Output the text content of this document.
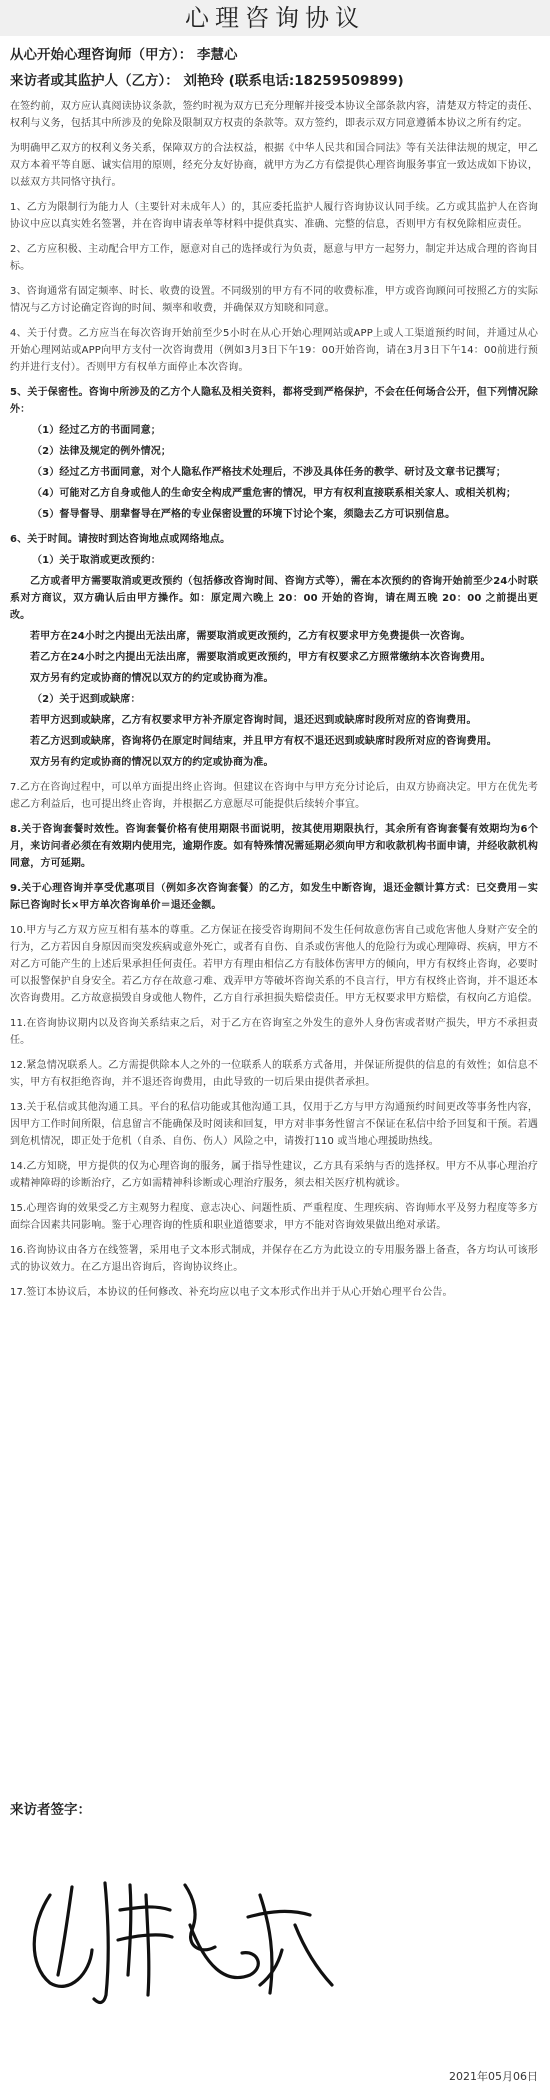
心理咨询协议
从心开始心理咨询师（甲方）： 李慧心
来访者或其监护人（乙方）： 刘艳玲 (联系电话:18259509899)

在签约前，双方应认真阅读协议条款，签约时视为双方已充分理解并接受本协议全部条款内容，清楚双方特定的责任、权利与义务，包括其中所涉及的免除及限制双方权责的条款等。双方签约，即表示双方同意遵循本协议之所有约定。

为明确甲乙双方的权利义务关系，保障双方的合法权益，根据《中华人民共和国合同法》等有关法律法规的规定，甲乙双方本着平等自愿、诚实信用的原则，经充分友好协商，就甲方为乙方有偿提供心理咨询服务事宜一致达成如下协议，以兹双方共同恪守执行。

1、乙方为限制行为能力人（主要针对未成年人）的，其应委托监护人履行咨询协议认同手续。乙方或其监护人在咨询协议中应以真实姓名签署，并在咨询申请表单等材料中提供真实、准确、完整的信息，否则甲方有权免除相应责任。

2、乙方应积极、主动配合甲方工作，愿意对自己的选择或行为负责，愿意与甲方一起努力，制定并达成合理的咨询目标。

3、咨询通常有固定频率、时长、收费的设置。不同级别的甲方有不同的收费标准，甲方或咨询顾问可按照乙方的实际情况与乙方讨论确定咨询的时间、频率和收费，并确保双方知晓和同意。

4、关于付费。乙方应当在每次咨询开始前至少5小时在从心开始心理网站或APP上或人工渠道预约时间，并通过从心开始心理网站或APP向甲方支付一次咨询费用（例如3月3日下午19：00开始咨询，请在3月3日下午14：00前进行预约并进行支付）。否则甲方有权单方面停止本次咨询。

5、关于保密性。咨询中所涉及的乙方个人隐私及相关资料，都将受到严格保护，不会在任何场合公开，但下列情况除外：

（1）经过乙方的书面同意；

（2）法律及规定的例外情况；

（3）经过乙方书面同意，对个人隐私作严格技术处理后，不涉及具体任务的教学、研讨及文章书记撰写；

（4）可能对乙方自身或他人的生命安全构成严重危害的情况，甲方有权利直接联系相关家人、或相关机构；

（5）督导督导、朋辈督导在严格的专业保密设置的环境下讨论个案，须隐去乙方可识别信息。

6、关于时间。请按时到达咨询地点或网络地点。

（1）关于取消或更改预约：

乙方或者甲方需要取消或更改预约（包括修改咨询时间、咨询方式等），需在本次预约的咨询开始前至少24小时联系对方商议，双方确认后由甲方操作。如：原定周六晚上 20：00 开始的咨询，请在周五晚 20：00 之前提出更改。

若甲方在24小时之内提出无法出席，需要取消或更改预约，乙方有权要求甲方免费提供一次咨询。

若乙方在24小时之内提出无法出席，需要取消或更改预约，甲方有权要求乙方照常缴纳本次咨询费用。

双方另有约定或协商的情况以双方的约定或协商为准。

（2）关于迟到或缺席：

若甲方迟到或缺席，乙方有权要求甲方补齐原定咨询时间，退还迟到或缺席时段所对应的咨询费用。

若乙方迟到或缺席，咨询将仍在原定时间结束，并且甲方有权不退还迟到或缺席时段所对应的咨询费用。

双方另有约定或协商的情况以双方的约定或协商为准。

7.乙方在咨询过程中，可以单方面提出终止咨询。但建议在咨询中与甲方充分讨论后，由双方协商决定。甲方在优先考虑乙方利益后，也可提出终止咨询，并根据乙方意愿尽可能提供后续转介事宜。

8.关于咨询套餐时效性。咨询套餐价格有使用期限书面说明，按其使用期限执行，其余所有咨询套餐有效期均为6个月，来访问者必须在有效期内使用完，逾期作废。如有特殊情况需延期必须向甲方和收款机构书面申请，并经收款机构同意，方可延期。

9.关于心理咨询并享受优惠项目（例如多次咨询套餐）的乙方，如发生中断咨询，退还金额计算方式：已交费用－实际已咨询时长×甲方单次咨询单价＝退还金额。

10.甲方与乙方双方应互相有基本的尊重。乙方保证在接受咨询期间不发生任何故意伤害自己或危害他人身财产安全的行为，乙方若因自身原因而突发疾病或意外死亡，或者有自伤、自杀或伤害他人的危险行为或心理障碍、疾病，甲方不对乙方可能产生的上述后果承担任何责任。若甲方有理由相信乙方有肢体伤害甲方的倾向，甲方有权终止咨询，必要时可以报警保护自身安全。若乙方存在故意刁难、戏弄甲方等破坏咨询关系的不良言行，甲方有权终止咨询，并不退还本次咨询费用。乙方故意损毁自身或他人物件，乙方自行承担损失赔偿责任。甲方无权要求甲方赔偿，有权向乙方追偿。

11.在咨询协议期内以及咨询关系结束之后，对于乙方在咨询室之外发生的意外人身伤害或者财产损失，甲方不承担责任。

12.紧急情况联系人。乙方需提供除本人之外的一位联系人的联系方式备用，并保证所提供的信息的有效性；如信息不实，甲方有权拒绝咨询，并不退还咨询费用，由此导致的一切后果由提供者承担。

13.关于私信或其他沟通工具。平台的私信功能或其他沟通工具，仅用于乙方与甲方沟通预约时间更改等事务性内容，因甲方工作时间所限，信息留言不能确保及时阅读和回复，甲方对非事务性留言不保证在私信中给予回复和干预。若遇到危机情况，即正处于危机（自杀、自伤、伤人）风险之中，请拨打110 或当地心理援助热线。

14.乙方知晓，甲方提供的仅为心理咨询的服务，属于指导性建议，乙方具有采纳与否的选择权。甲方不从事心理治疗或精神障碍的诊断治疗，乙方如需精神科诊断或心理治疗服务，须去相关医疗机构就诊。

15.心理咨询的效果受乙方主观努力程度、意志决心、问题性质、严重程度、生理疾病、咨询师水平及努力程度等多方面综合因素共同影响。鉴于心理咨询的性质和职业道德要求，甲方不能对咨询效果做出绝对承诺。

16.咨询协议由各方在线签署，采用电子文本形式制成，并保存在乙方为此设立的专用服务器上备查，各方均认可该形式的协议效力。在乙方退出咨询后，咨询协议终止。

17.签订本协议后，本协议的任何修改、补充均应以电子文本形式作出并于从心开始心理平台公告。

来访者签字：
2021年05月06日
